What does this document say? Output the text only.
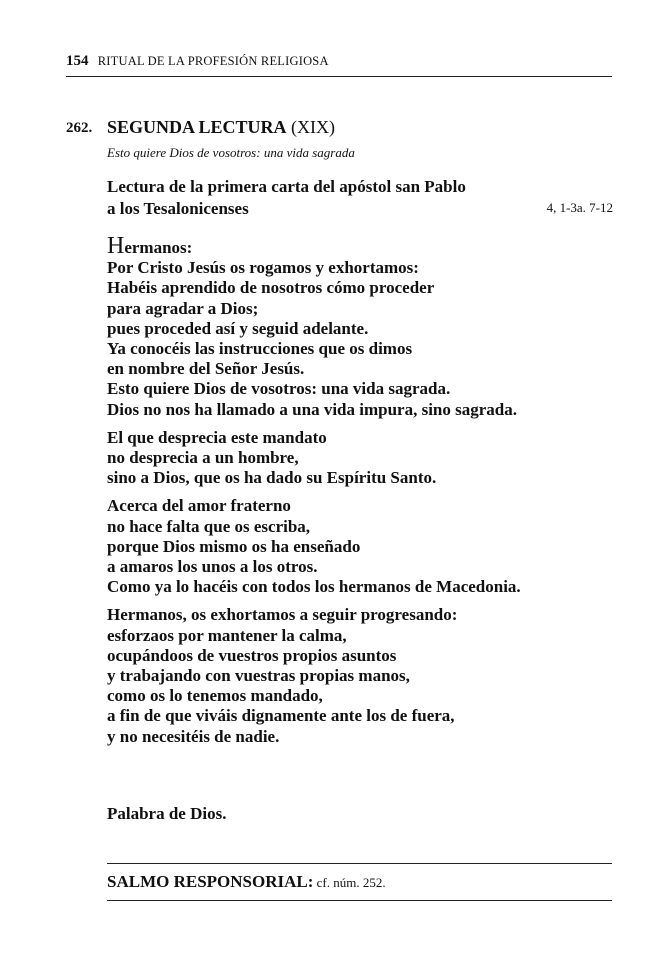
154 RITUAL DE LA PROFESIÓN RELIGIOSA
262. SEGUNDA LECTURA (XIX)
Esto quiere Dios de vosotros: una vida sagrada
Lectura de la primera carta del apóstol san Pablo
a los Tesalonicenses	4, 1-3a. 7-12

Hermanos:
Por Cristo Jesús os rogamos y exhortamos:
Habéis aprendido de nosotros cómo proceder
para agradar a Dios;
pues proceded así y seguid adelante.
Ya conocéis las instrucciones que os dimos
en nombre del Señor Jesús.
Esto quiere Dios de vosotros: una vida sagrada.
Dios no nos ha llamado a una vida impura, sino sagrada.

El que desprecia este mandato
no desprecia a un hombre,
sino a Dios, que os ha dado su Espíritu Santo.

Acerca del amor fraterno
no hace falta que os escriba,
porque Dios mismo os ha enseñado
a amaros los unos a los otros.
Como ya lo hacéis con todos los hermanos de Macedonia.

Hermanos, os exhortamos a seguir progresando:
esforzaos por mantener la calma,
ocupándoos de vuestros propios asuntos
y trabajando con vuestras propias manos,
como os lo tenemos mandado,
a fin de que viváis dignamente ante los de fuera,
y no necesitéis de nadie.

Palabra de Dios.
SALMO RESPONSORIAL: cf. núm. 252.
